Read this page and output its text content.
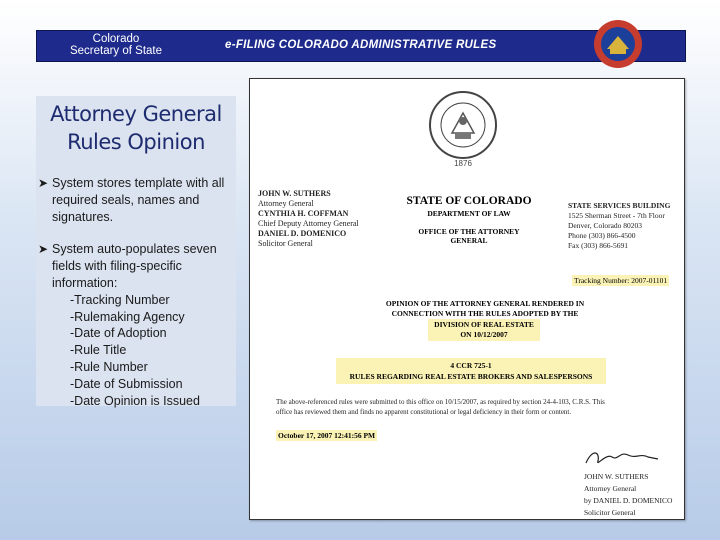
Colorado
Secretary of State	e-FILING COLORADO ADMINISTRATIVE RULES
Attorney General
Rules Opinion
➤ System stores template with all required seals, names and signatures.
➤ System auto-populates seven fields with filing-specific information:
-Tracking Number
-Rulemaking Agency
-Date of Adoption
-Rule Title
-Rule Number
-Date of Submission
-Date Opinion is Issued
1876
JOHN W. SUTHERS
Attorney General
CYNTHIA H. COFFMAN
Chief Deputy Attorney General
DANIEL D. DOMENICO
Solicitor General
STATE OF COLORADO
DEPARTMENT OF LAW
OFFICE OF THE ATTORNEY
GENERAL
STATE SERVICES BUILDING
1525 Sherman Street - 7th Floor
Denver, Colorado 80203
Phone (303) 866-4500
Fax (303) 866-5691
Tracking Number: 2007-01101
OPINION OF THE ATTORNEY GENERAL RENDERED IN
CONNECTION WITH THE RULES ADOPTED BY THE
DIVISION OF REAL ESTATE
ON 10/12/2007
4 CCR 725-1
RULES REGARDING REAL ESTATE BROKERS AND SALESPERSONS
The above-referenced rules were submitted to this office on 10/15/2007, as required by section 24-4-103, C.R.S. This
office has reviewed them and finds no apparent constitutional or legal deficiency in their form or content.
October 17, 2007 12:41:56 PM
JOHN W. SUTHERS
Attorney General
by DANIEL D. DOMENICO
Solicitor General
